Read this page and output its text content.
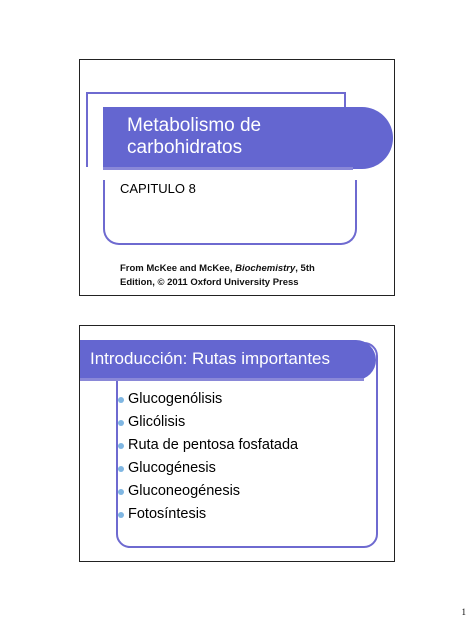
Metabolismo de
carbohidratos

CAPITULO 8
From McKee and McKee, Biochemistry, 5th
Edition, © 2011 Oxford University Press

Introducción: Rutas importantes

Glucogenólisis
Glicólisis
Ruta de pentosa fosfatada
Glucogénesis
Gluconeogénesis
Fotosíntesis
1
